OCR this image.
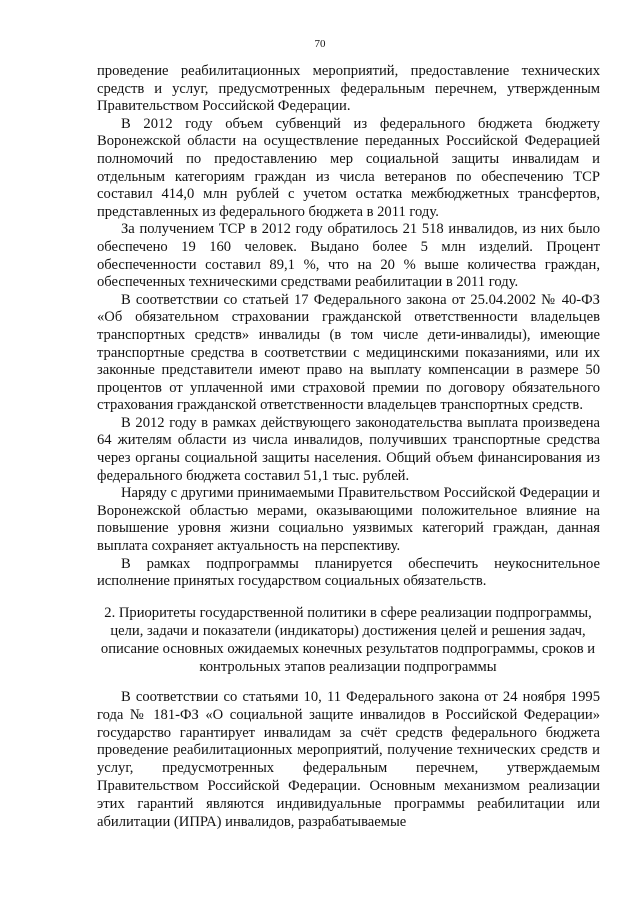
70

проведение реабилитационных мероприятий, предоставление технических средств и услуг, предусмотренных федеральным перечнем, утвержденным Правительством Российской Федерации.

В 2012 году объем субвенций из федерального бюджета бюджету Воронежской области на осуществление переданных Российской Федерацией полномочий по предоставлению мер социальной защиты инвалидам и отдельным категориям граждан из числа ветеранов по обеспечению ТСР составил 414,0 млн рублей с учетом остатка межбюджетных трансфертов, представленных из федерального бюджета в 2011 году.

За получением ТСР в 2012 году обратилось 21 518 инвалидов, из них было обеспечено 19 160 человек. Выдано более 5 млн изделий. Процент обеспеченности составил 89,1 %, что на 20 % выше количества граждан, обеспеченных техническими средствами реабилитации в 2011 году.

В соответствии со статьей 17 Федерального закона от 25.04.2002 № 40-ФЗ «Об обязательном страховании гражданской ответственности владельцев транспортных средств» инвалиды (в том числе дети-инвалиды), имеющие транспортные средства в соответствии с медицинскими показаниями, или их законные представители имеют право на выплату компенсации в размере 50 процентов от уплаченной ими страховой премии по договору обязательного страхования гражданской ответственности владельцев транспортных средств.

В 2012 году в рамках действующего законодательства выплата произведена 64 жителям области из числа инвалидов, получивших транспортные средства через органы социальной защиты населения. Общий объем финансирования из федерального бюджета составил 51,1 тыс. рублей.

Наряду с другими принимаемыми Правительством Российской Федерации и Воронежской областью мерами, оказывающими положительное влияние на повышение уровня жизни социально уязвимых категорий граждан, данная выплата сохраняет актуальность на перспективу.

В рамках подпрограммы планируется обеспечить неукоснительное исполнение принятых государством социальных обязательств.

2. Приоритеты государственной политики в сфере реализации подпрограммы, цели, задачи и показатели (индикаторы) достижения целей и решения задач, описание основных ожидаемых конечных результатов подпрограммы, сроков и контрольных этапов реализации подпрограммы

В соответствии со статьями 10, 11 Федерального закона от 24 ноября 1995 года № 181-ФЗ «О социальной защите инвалидов в Российской Федерации» государство гарантирует инвалидам за счёт средств федерального бюджета проведение реабилитационных мероприятий, получение технических средств и услуг, предусмотренных федеральным перечнем, утверждаемым Правительством Российской Федерации. Основным механизмом реализации этих гарантий являются индивидуальные программы реабилитации или абилитации (ИПРА) инвалидов, разрабатываемые
